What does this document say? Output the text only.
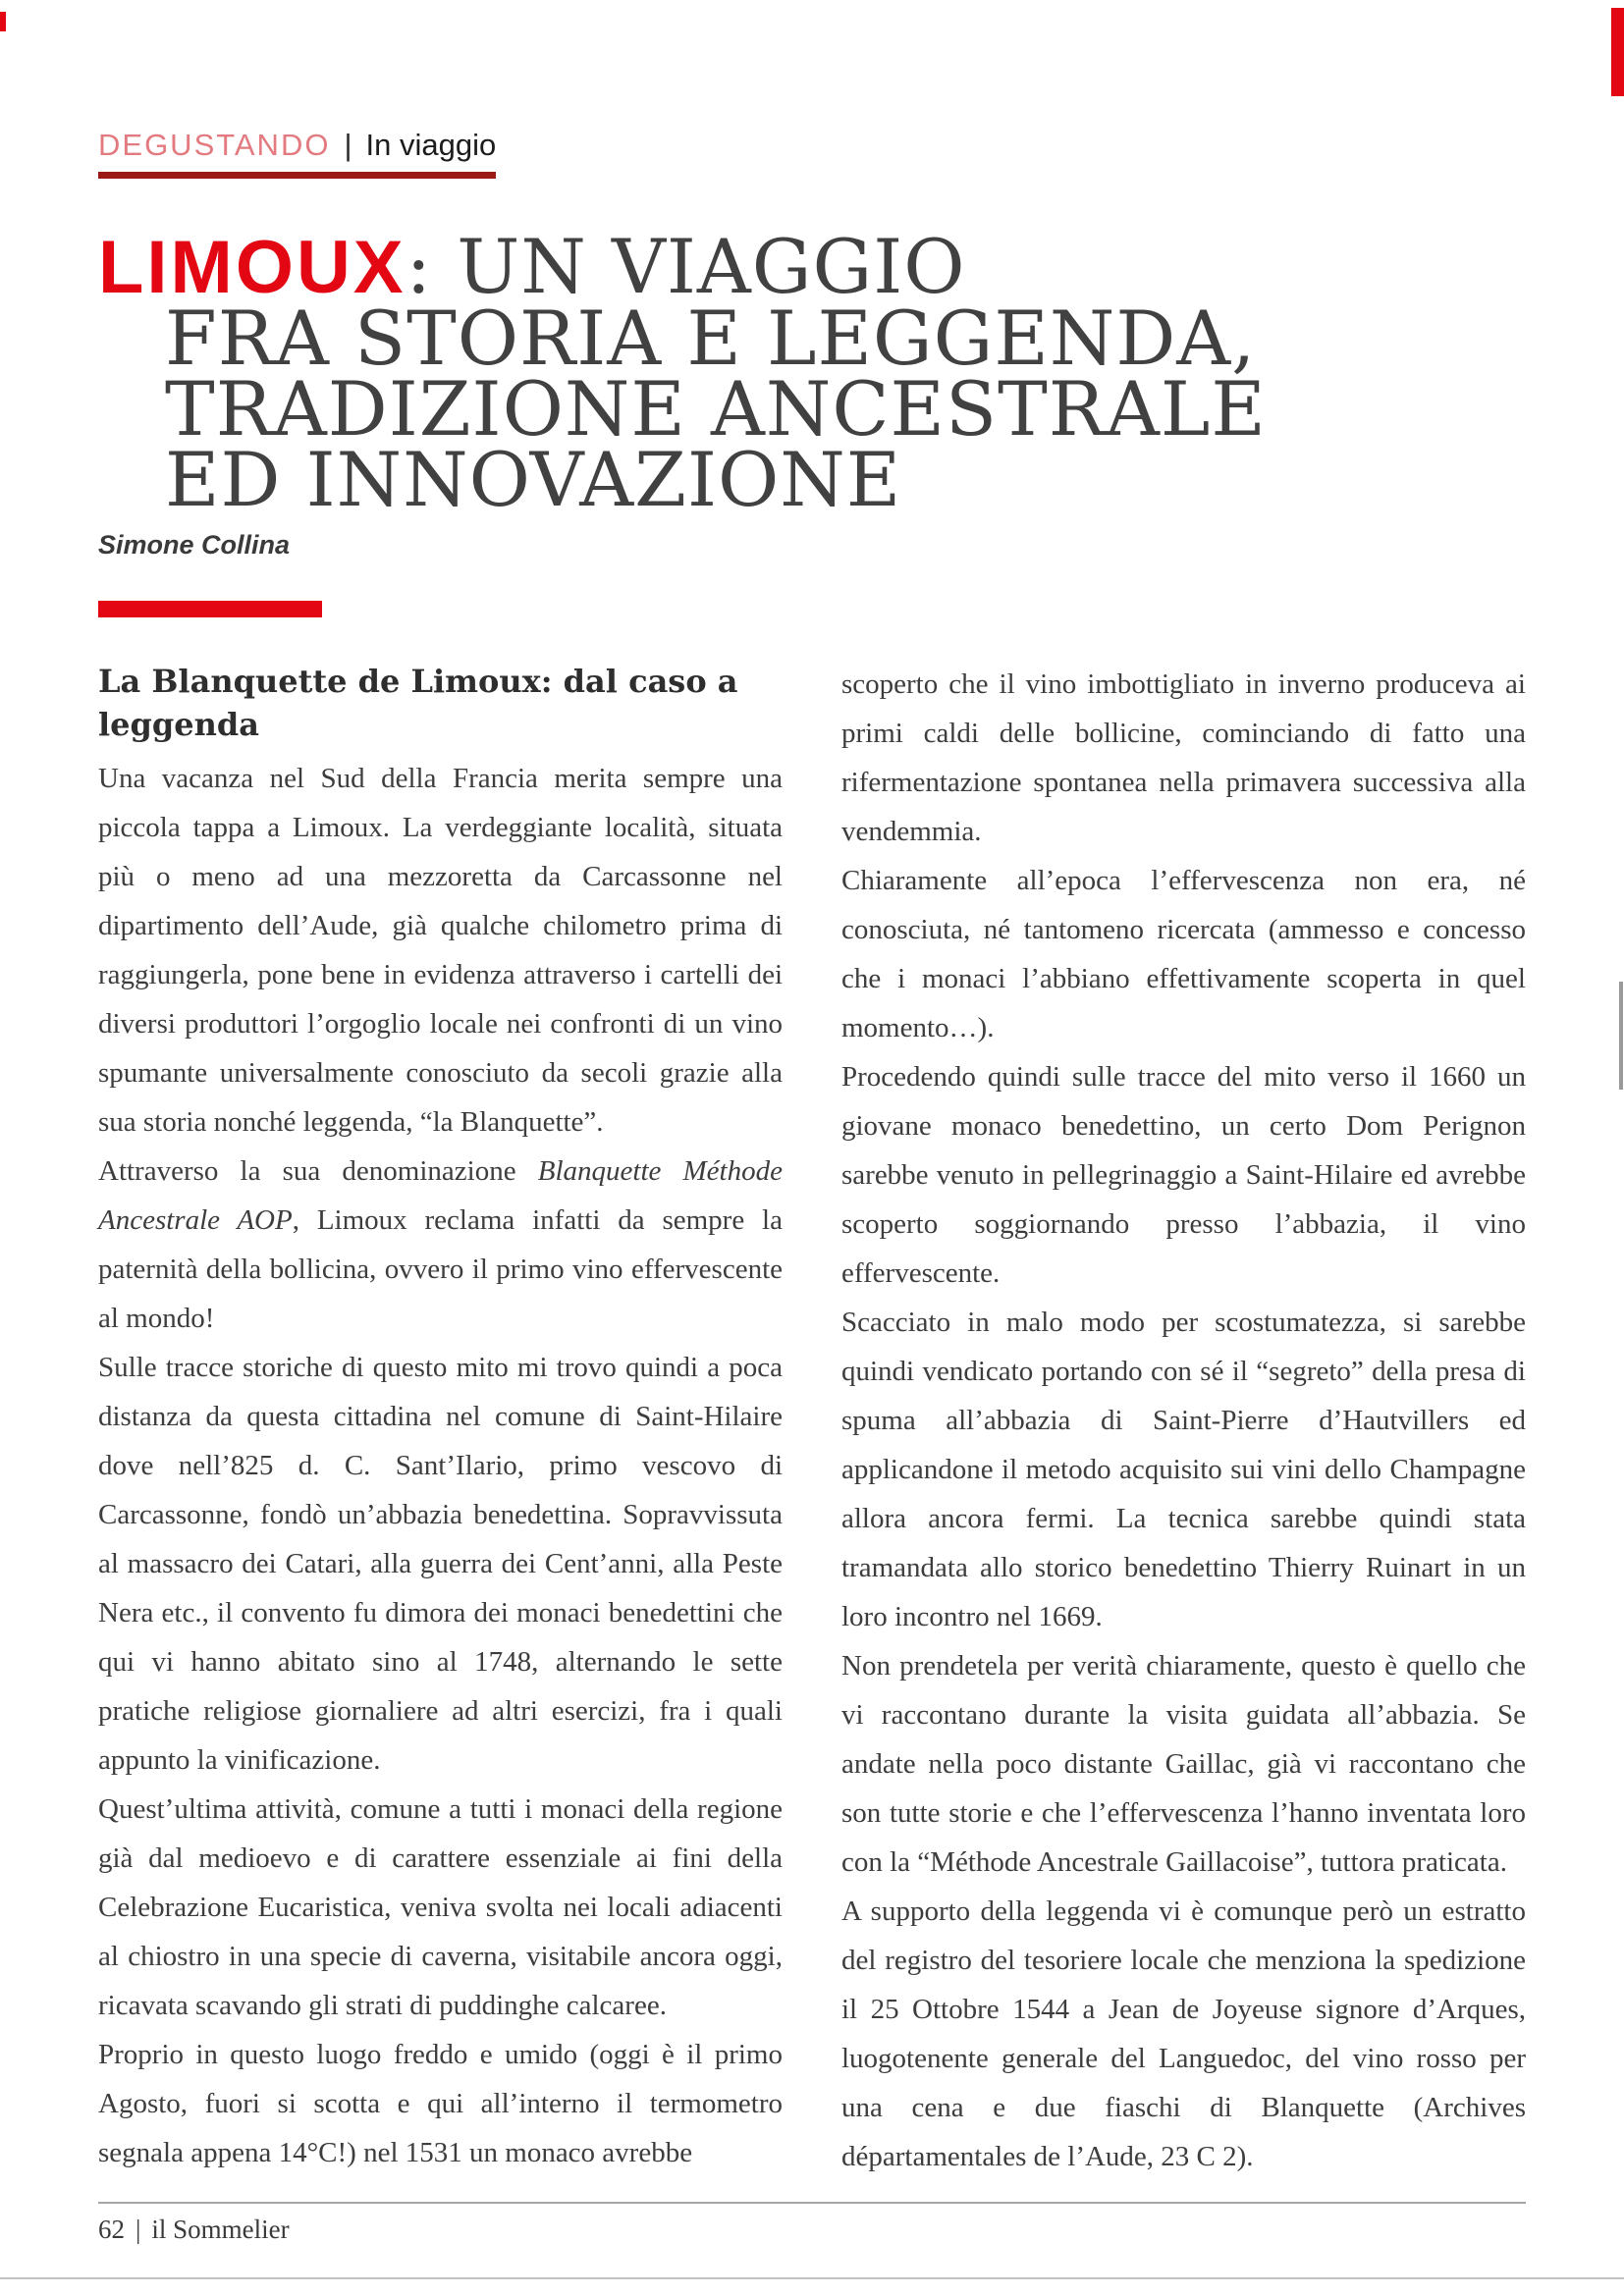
DEGUSTANDO | In viaggio
LIMOUX: UN VIAGGIO
FRA STORIA E LEGGENDA,
TRADIZIONE ANCESTRALE
ED INNOVAZIONE
Simone Collina
La Blanquette de Limoux: dal caso a leggenda

Una vacanza nel Sud della Francia merita sempre una piccola tappa a Limoux. La verdeggiante località, situata più o meno ad una mezzoretta da Carcassonne nel dipartimento dell’Aude, già qualche chilometro prima di raggiungerla, pone bene in evidenza attraverso i cartelli dei diversi produttori l’orgoglio locale nei confronti di un vino spumante universalmente conosciuto da secoli grazie alla sua storia nonché leggenda, “la Blanquette”.

Attraverso la sua denominazione Blanquette Méthode Ancestrale AOP, Limoux reclama infatti da sempre la paternità della bollicina, ovvero il primo vino effervescente al mondo!

Sulle tracce storiche di questo mito mi trovo quindi a poca distanza da questa cittadina nel comune di Saint-Hilaire dove nell’825 d. C. Sant’Ilario, primo vescovo di Carcassonne, fondò un’abbazia benedettina. Sopravvissuta al massacro dei Catari, alla guerra dei Cent’anni, alla Peste Nera etc., il convento fu dimora dei monaci benedettini che qui vi hanno abitato sino al 1748, alternando le sette pratiche religiose giornaliere ad altri esercizi, fra i quali appunto la vinificazione.

Quest’ultima attività, comune a tutti i monaci della regione già dal medioevo e di carattere essenziale ai fini della Celebrazione Eucaristica, veniva svolta nei locali adiacenti al chiostro in una specie di caverna, visitabile ancora oggi, ricavata scavando gli strati di puddinghe calcaree.

Proprio in questo luogo freddo e umido (oggi è il primo Agosto, fuori si scotta e qui all’interno il termometro segnala appena 14°C!) nel 1531 un monaco avrebbe

scoperto che il vino imbottigliato in inverno produceva ai primi caldi delle bollicine, cominciando di fatto una rifermentazione spontanea nella primavera successiva alla vendemmia.

Chiaramente all’epoca l’effervescenza non era, né conosciuta, né tantomeno ricercata (ammesso e concesso che i monaci l’abbiano effettivamente scoperta in quel momento…).

Procedendo quindi sulle tracce del mito verso il 1660 un giovane monaco benedettino, un certo Dom Perignon sarebbe venuto in pellegrinaggio a Saint-Hilaire ed avrebbe scoperto soggiornando presso l’abbazia, il vino effervescente.

Scacciato in malo modo per scostumatezza, si sarebbe quindi vendicato portando con sé il “segreto” della presa di spuma all’abbazia di Saint-Pierre d’Hautvillers ed applicandone il metodo acquisito sui vini dello Champagne allora ancora fermi. La tecnica sarebbe quindi stata tramandata allo storico benedettino Thierry Ruinart in un loro incontro nel 1669.

Non prendetela per verità chiaramente, questo è quello che vi raccontano durante la visita guidata all’abbazia. Se andate nella poco distante Gaillac, già vi raccontano che son tutte storie e che l’effervescenza l’hanno inventata loro con la “Méthode Ancestrale Gaillacoise”, tuttora praticata.

A supporto della leggenda vi è comunque però un estratto del registro del tesoriere locale che menziona la spedizione il 25 Ottobre 1544 a Jean de Joyeuse signore d’Arques, luogotenente generale del Languedoc, del vino rosso per una cena e due fiaschi di Blanquette (Archives départamentales de l’Aude, 23 C 2).

62 | il Sommelier
